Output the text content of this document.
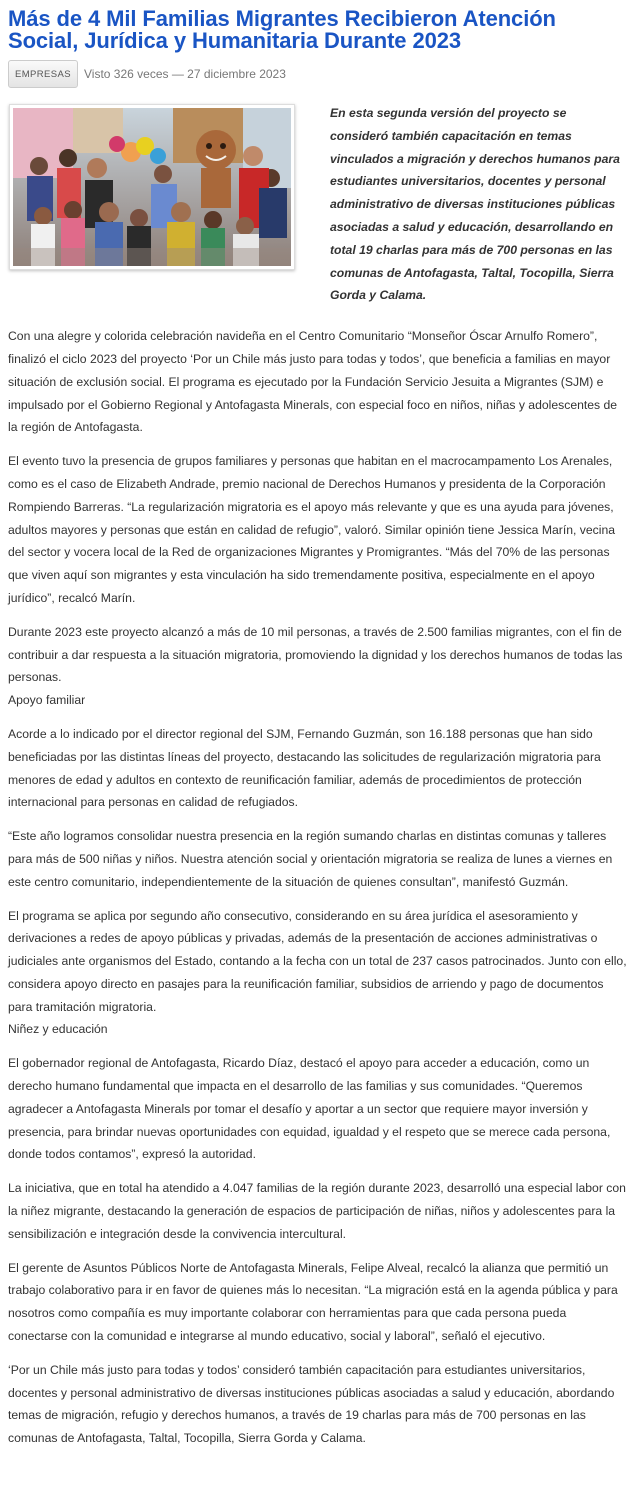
Más de 4 Mil Familias Migrantes Recibieron Atención Social, Jurídica y Humanitaria Durante 2023
EMPRESAS	Visto 326 veces — 27 diciembre 2023
En esta segunda versión del proyecto se consideró también capacitación en temas vinculados a migración y derechos humanos para estudiantes universitarios, docentes y personal administrativo de diversas instituciones públicas asociadas a salud y educación, desarrollando en total 19 charlas para más de 700 personas en las comunas de Antofagasta, Taltal, Tocopilla, Sierra Gorda y Calama.

Con una alegre y colorida celebración navideña en el Centro Comunitario “Monseñor Óscar Arnulfo Romero”, finalizó el ciclo 2023 del proyecto ‘Por un Chile más justo para todas y todos’, que beneficia a familias en mayor situación de exclusión social. El programa es ejecutado por la Fundación Servicio Jesuita a Migrantes (SJM) e impulsado por el Gobierno Regional y Antofagasta Minerals, con especial foco en niños, niñas y adolescentes de la región de Antofagasta.

El evento tuvo la presencia de grupos familiares y personas que habitan en el macrocampamento Los Arenales, como es el caso de Elizabeth Andrade, premio nacional de Derechos Humanos y presidenta de la Corporación Rompiendo Barreras. “La regularización migratoria es el apoyo más relevante y que es una ayuda para jóvenes, adultos mayores y personas que están en calidad de refugio”, valoró. Similar opinión tiene Jessica Marín, vecina del sector y vocera local de la Red de organizaciones Migrantes y Promigrantes. “Más del 70% de las personas que viven aquí son migrantes y esta vinculación ha sido tremendamente positiva, especialmente en el apoyo jurídico”, recalcó Marín.

Durante 2023 este proyecto alcanzó a más de 10 mil personas, a través de 2.500 familias migrantes, con el fin de contribuir a dar respuesta a la situación migratoria, promoviendo la dignidad y los derechos humanos de todas las personas.

Apoyo familiar

Acorde a lo indicado por el director regional del SJM, Fernando Guzmán, son 16.188 personas que han sido beneficiadas por las distintas líneas del proyecto, destacando las solicitudes de regularización migratoria para menores de edad y adultos en contexto de reunificación familiar, además de procedimientos de protección internacional para personas en calidad de refugiados.

“Este año logramos consolidar nuestra presencia en la región sumando charlas en distintas comunas y talleres para más de 500 niñas y niños. Nuestra atención social y orientación migratoria se realiza de lunes a viernes en este centro comunitario, independientemente de la situación de quienes consultan”, manifestó Guzmán.

El programa se aplica por segundo año consecutivo, considerando en su área jurídica el asesoramiento y derivaciones a redes de apoyo públicas y privadas, además de la presentación de acciones administrativas o judiciales ante organismos del Estado, contando a la fecha con un total de 237 casos patrocinados. Junto con ello, considera apoyo directo en pasajes para la reunificación familiar, subsidios de arriendo y pago de documentos para tramitación migratoria.

Niñez y educación

El gobernador regional de Antofagasta, Ricardo Díaz, destacó el apoyo para acceder a educación, como un derecho humano fundamental que impacta en el desarrollo de las familias y sus comunidades. “Queremos agradecer a Antofagasta Minerals por tomar el desafío y aportar a un sector que requiere mayor inversión y presencia, para brindar nuevas oportunidades con equidad, igualdad y el respeto que se merece cada persona, donde todos contamos”, expresó la autoridad.

La iniciativa, que en total ha atendido a 4.047 familias de la región durante 2023, desarrolló una especial labor con la niñez migrante, destacando la generación de espacios de participación de niñas, niños y adolescentes para la sensibilización e integración desde la convivencia intercultural.

El gerente de Asuntos Públicos Norte de Antofagasta Minerals, Felipe Alveal, recalcó la alianza que permitió un trabajo colaborativo para ir en favor de quienes más lo necesitan. “La migración está en la agenda pública y para nosotros como compañía es muy importante colaborar con herramientas para que cada persona pueda conectarse con la comunidad e integrarse al mundo educativo, social y laboral”, señaló el ejecutivo.

‘Por un Chile más justo para todas y todos’ consideró también capacitación para estudiantes universitarios, docentes y personal administrativo de diversas instituciones públicas asociadas a salud y educación, abordando temas de migración, refugio y derechos humanos, a través de 19 charlas para más de 700 personas en las comunas de Antofagasta, Taltal, Tocopilla, Sierra Gorda y Calama.
